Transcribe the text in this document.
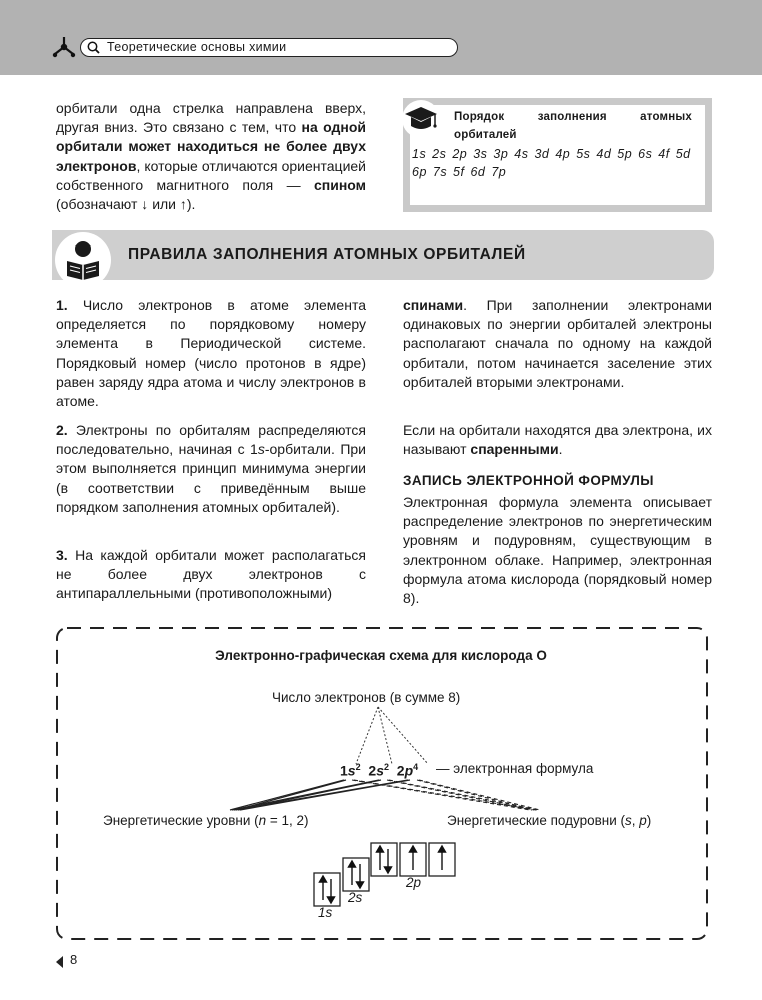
Теоретические основы химии
орбитали одна стрелка направлена вверх, другая вниз. Это связано с тем, что на одной орбитали может находиться не более двух электронов, которые отличаются ориентацией собственного магнитного поля — спином (обозначают ↓ или ↑).
Порядок заполнения атомных орбиталей
1s 2s 2p 3s 3p 4s 3d 4p 5s 4d 5p 6s 4f 5d 6p 7s 5f 6d 7p
ПРАВИЛА ЗАПОЛНЕНИЯ АТОМНЫХ ОРБИТАЛЕЙ
1. Число электронов в атоме элемента определяется по порядковому номеру элемента в Периодической системе. Порядковый номер (число протонов в ядре) равен заряду ядра атома и числу электронов в атоме.
2. Электроны по орбиталям распределяются последовательно, начиная с 1s-орбитали. При этом выполняется принцип минимума энергии (в соответствии с приведённым выше порядком заполнения атомных орбиталей).
3. На каждой орбитали может располагаться не более двух электронов с антипараллельными (противоположными)
спинами. При заполнении электронами одинаковых по энергии орбиталей электроны располагают сначала по одному на каждой орбитали, потом начинается заселение этих орбиталей вторыми электронами.
Если на орбитали находятся два электрона, их называют спаренными.
ЗАПИСЬ ЭЛЕКТРОННОЙ ФОРМУЛЫ
Электронная формула элемента описывает распределение электронов по энергетическим уровням и подуровням, существующим в электронном облаке. Например, электронная формула атома кислорода (порядковый номер 8).
Электронно-графическая схема для кислорода О
Число электронов (в сумме 8)
$1s^2$ $2s^2$ $2p^4$ — электронная формула
Энергетические уровни (n = 1, 2)	Энергетические подуровни (s, p)
1s
2s
2p
8
